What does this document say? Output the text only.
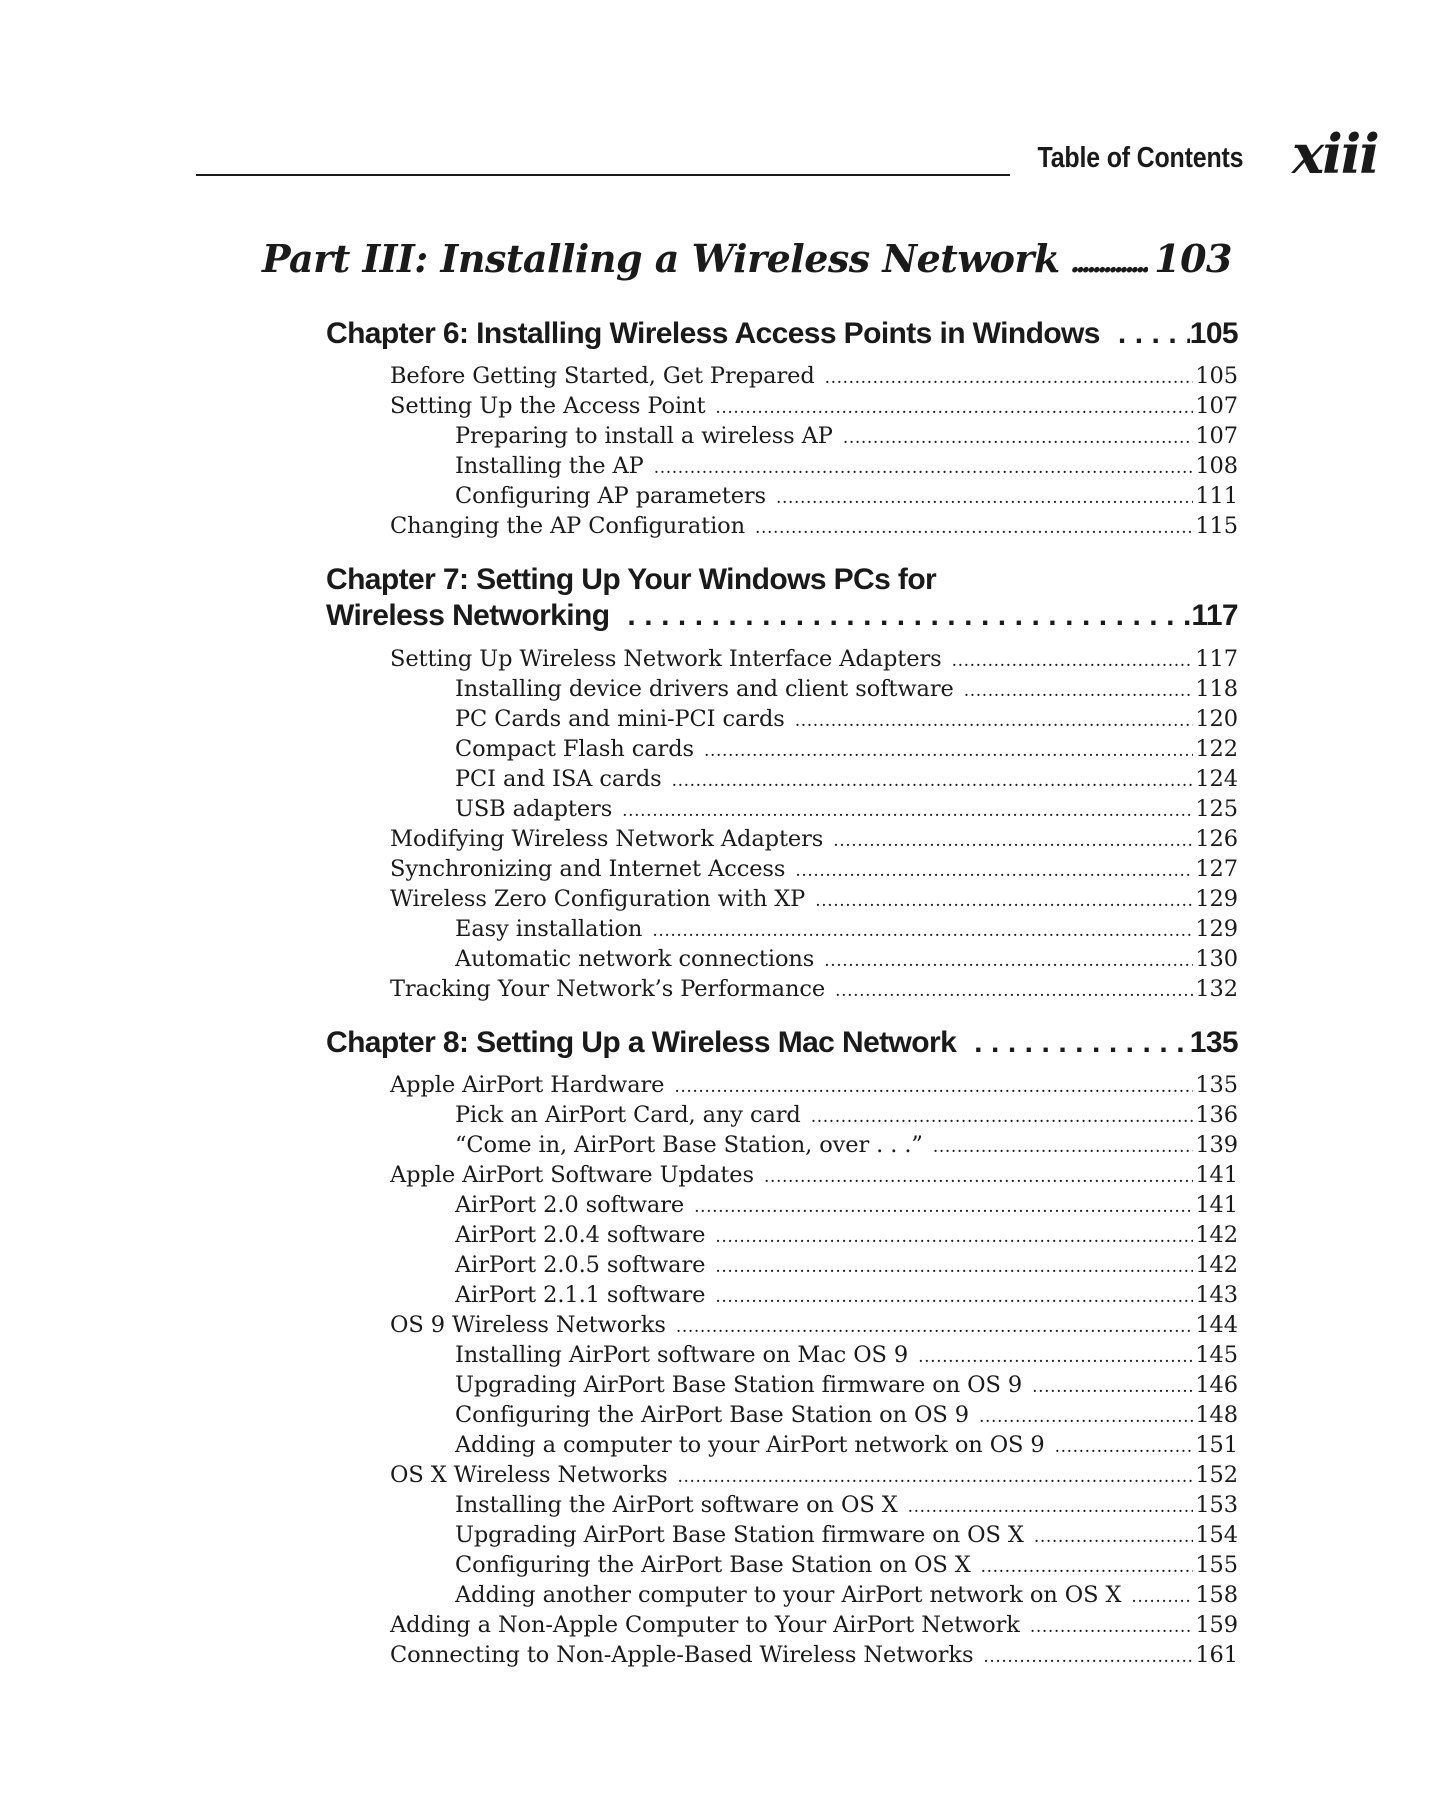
Table of Contents xiii
Part III: Installing a Wireless Network ..... 103
Chapter 6: Installing Wireless Access Points in Windows .....	105
Before Getting Started, Get Prepared .....	105
Setting Up the Access Point .....	107
Preparing to install a wireless AP .....	107
Installing the AP .....	108
Configuring AP parameters .....	111
Changing the AP Configuration .....	115
Chapter 7: Setting Up Your Windows PCs for
Wireless Networking .....	117
Setting Up Wireless Network Interface Adapters .....	117
Installing device drivers and client software .....	118
PC Cards and mini-PCI cards .....	120
Compact Flash cards .....	122
PCI and ISA cards .....	124
USB adapters .....	125
Modifying Wireless Network Adapters .....	126
Synchronizing and Internet Access .....	127
Wireless Zero Configuration with XP .....	129
Easy installation .....	129
Automatic network connections .....	130
Tracking Your Network’s Performance .....	132
Chapter 8: Setting Up a Wireless Mac Network .....	135
Apple AirPort Hardware .....	135
Pick an AirPort Card, any card .....	136
“Come in, AirPort Base Station, over . . .” .....	139
Apple AirPort Software Updates .....	141
AirPort 2.0 software .....	141
AirPort 2.0.4 software .....	142
AirPort 2.0.5 software .....	142
AirPort 2.1.1 software .....	143
OS 9 Wireless Networks .....	144
Installing AirPort software on Mac OS 9 .....	145
Upgrading AirPort Base Station firmware on OS 9 .....	146
Configuring the AirPort Base Station on OS 9 .....	148
Adding a computer to your AirPort network on OS 9 .....	151
OS X Wireless Networks .....	152
Installing the AirPort software on OS X .....	153
Upgrading AirPort Base Station firmware on OS X .....	154
Configuring the AirPort Base Station on OS X .....	155
Adding another computer to your AirPort network on OS X .....	158
Adding a Non-Apple Computer to Your AirPort Network .....	159
Connecting to Non-Apple-Based Wireless Networks .....	161
